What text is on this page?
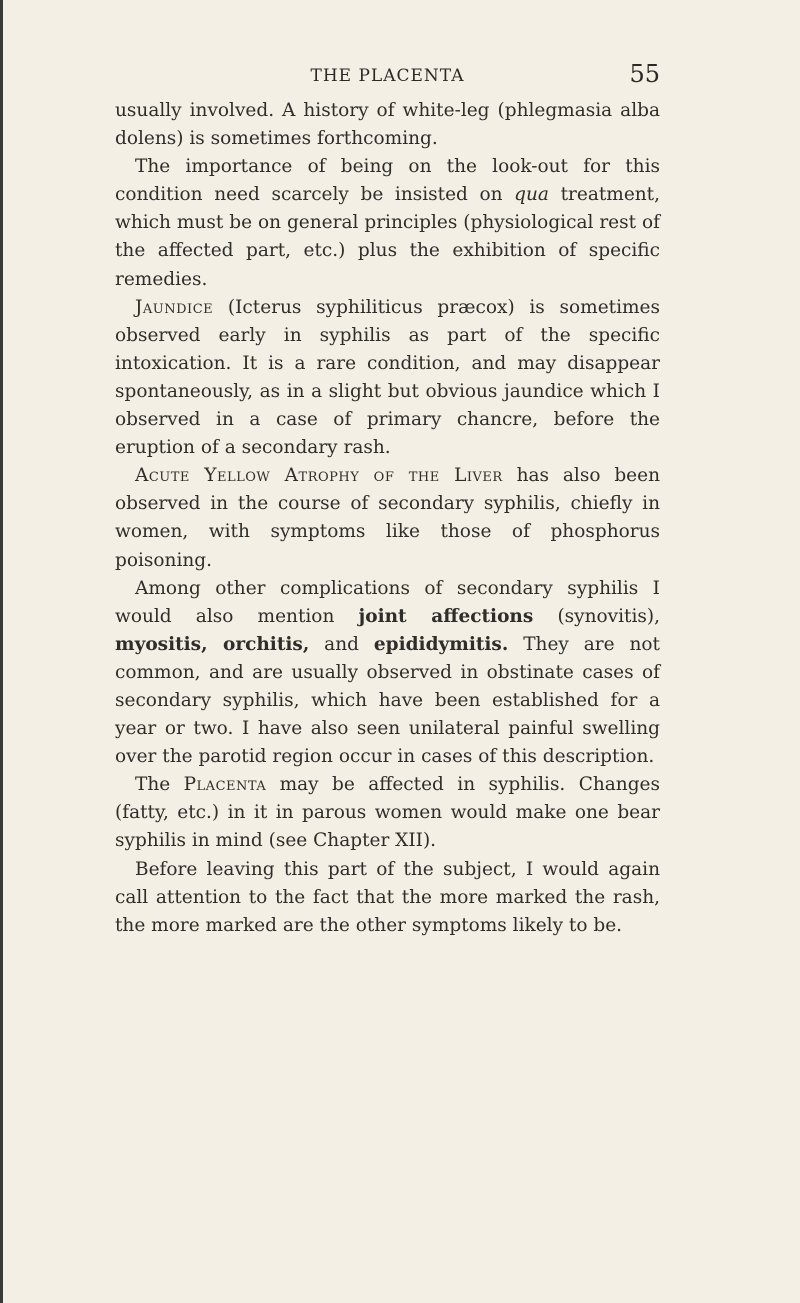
THE PLACENTA	55

usually involved. A history of white-leg (phlegmasia alba dolens) is sometimes forthcoming.

The importance of being on the look-out for this condition need scarcely be insisted on qua treatment, which must be on general principles (physiological rest of the affected part, etc.) plus the exhibition of specific remedies.

Jaundice (Icterus syphiliticus præcox) is sometimes observed early in syphilis as part of the specific intoxication. It is a rare condition, and may disappear spontaneously, as in a slight but obvious jaundice which I observed in a case of primary chancre, before the eruption of a secondary rash.

Acute Yellow Atrophy of the Liver has also been observed in the course of secondary syphilis, chiefly in women, with symptoms like those of phosphorus poisoning.

Among other complications of secondary syphilis I would also mention joint affections (synovitis), myositis, orchitis, and epididymitis. They are not common, and are usually observed in obstinate cases of secondary syphilis, which have been established for a year or two. I have also seen unilateral painful swelling over the parotid region occur in cases of this description.

The Placenta may be affected in syphilis. Changes (fatty, etc.) in it in parous women would make one bear syphilis in mind (see Chapter XII).

Before leaving this part of the subject, I would again call attention to the fact that the more marked the rash, the more marked are the other symptoms likely to be.
